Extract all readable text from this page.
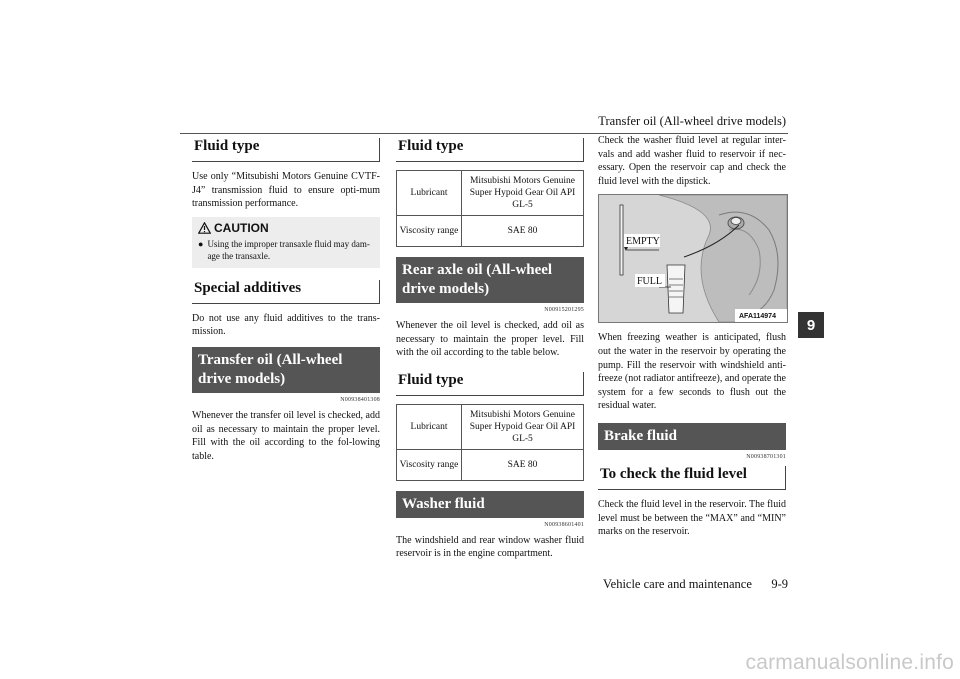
Transfer oil (All-wheel drive models)
9
Vehicle care and maintenance 9-9
carmanualsonline.info
Fluid type

Use only “Mitsubishi Motors Genuine CVTF-J4” transmission fluid to ensure opti-mum transmission performance.

CAUTION
● Using the improper transaxle fluid may dam-age the transaxle.
Special additives

Do not use any fluid additives to the trans-mission.

Transfer oil (All-wheel drive models)
N00938401308

Whenever the transfer oil level is checked, add oil as necessary to maintain the proper level. Fill with the oil according to the fol-lowing table.

Fluid type
Lubricant	Mitsubishi Motors Genuine Super Hypoid Gear Oil API GL-5
Viscosity range	SAE 80
Rear axle oil (All-wheel drive models)
N00915201295

Whenever the oil level is checked, add oil as necessary to maintain the proper level. Fill with the oil according to the table below.

Fluid type
Lubricant	Mitsubishi Motors Genuine Super Hypoid Gear Oil API GL-5
Viscosity range	SAE 80
Washer fluid
N00938601401

The windshield and rear window washer fluid reservoir is in the engine compartment.

Check the washer fluid level at regular inter-vals and add washer fluid to reservoir if nec-essary. Open the reservoir cap and check the fluid level with the dipstick.

EMPTY
FULL
AFA114974

When freezing weather is anticipated, flush out the water in the reservoir by operating the pump. Fill the reservoir with windshield anti-freeze (not radiator antifreeze), and operate the system for a few seconds to flush out the residual water.

Brake fluid
N00938701301
To check the fluid level

Check the fluid level in the reservoir. The fluid level must be between the “MAX” and “MIN” marks on the reservoir.
